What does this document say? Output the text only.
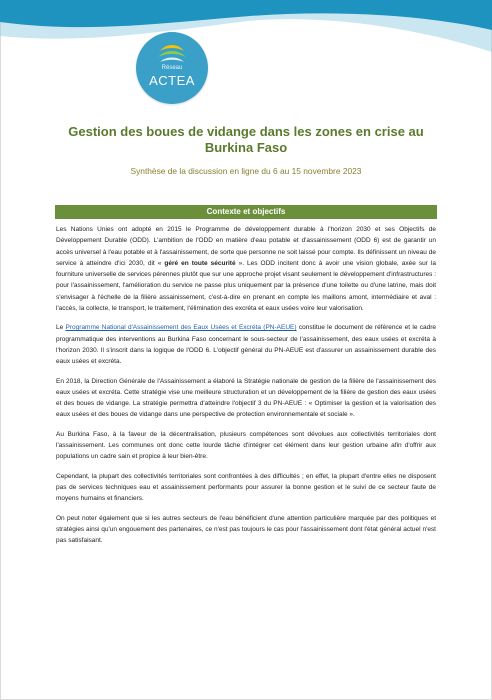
Réseau
ACTEA
Gestion des boues de vidange dans les zones en crise au Burkina Faso
Synthèse de la discussion en ligne du 6 au 15 novembre 2023
Contexte et objectifs

Les Nations Unies ont adopté en 2015 le Programme de développement durable à l'horizon 2030 et ses Objectifs de Développement Durable (ODD). L'ambition de l'ODD en matière d'eau potable et d'assainissement (ODD 6) est de garantir un accès universel à l'eau potable et à l'assainissement, de sorte que personne ne soit laissé pour compte. Ils définissent un niveau de service à atteindre d'ici 2030, dit « géré en toute sécurité ». Les ODD incitent donc à avoir une vision globale, axée sur la fourniture universelle de services pérennes plutôt que sur une approche projet visant seulement le développement d'infrastructures : pour l'assainissement, l'amélioration du service ne passe plus uniquement par la présence d'une toilette ou d'une latrine, mais doit s'envisager à l'échelle de la filière assainissement, c'est-à-dire en prenant en compte les maillons amont, intermédiaire et aval : l'accès, la collecte, le transport, le traitement, l'élimination des excréta et eaux usées voire leur valorisation.

Le Programme National d'Assainissement des Eaux Usées et Excréta (PN-AEUE) constitue le document de référence et le cadre programmatique des interventions au Burkina Faso concernant le sous-secteur de l'assainissement, des eaux usées et excréta à l'horizon 2030. Il s'inscrit dans la logique de l'ODD 6. L'objectif général du PN-AEUE est d'assurer un assainissement durable des eaux usées et excréta.

En 2018, la Direction Générale de l'Assainissement a élaboré la Stratégie nationale de gestion de la filière de l'assainissement des eaux usées et excréta. Cette stratégie vise une meilleure structuration et un développement de la filière de gestion des eaux usées et des boues de vidange. La stratégie permettra d'atteindre l'objectif 3 du PN-AEUE : « Optimiser la gestion et la valorisation des eaux usées et des boues de vidange dans une perspective de protection environnementale et sociale ».

Au Burkina Faso, à la faveur de la décentralisation, plusieurs compétences sont dévolues aux collectivités territoriales dont l'assainissement. Les communes ont donc cette lourde tâche d'intégrer cet élément dans leur gestion urbaine afin d'offrir aux populations un cadre sain et propice à leur bien-être.

Cependant, la plupart des collectivités territoriales sont confrontées à des difficultés ; en effet, la plupart d'entre elles ne disposent pas de services techniques eau et assainissement performants pour assurer la bonne gestion et le suivi de ce secteur faute de moyens humains et financiers.

On peut noter également que si les autres secteurs de l'eau bénéficient d'une attention particulière marquée par des politiques et stratégies ainsi qu'un engouement des partenaires, ce n'est pas toujours le cas pour l'assainissement dont l'état général actuel n'est pas satisfaisant.
